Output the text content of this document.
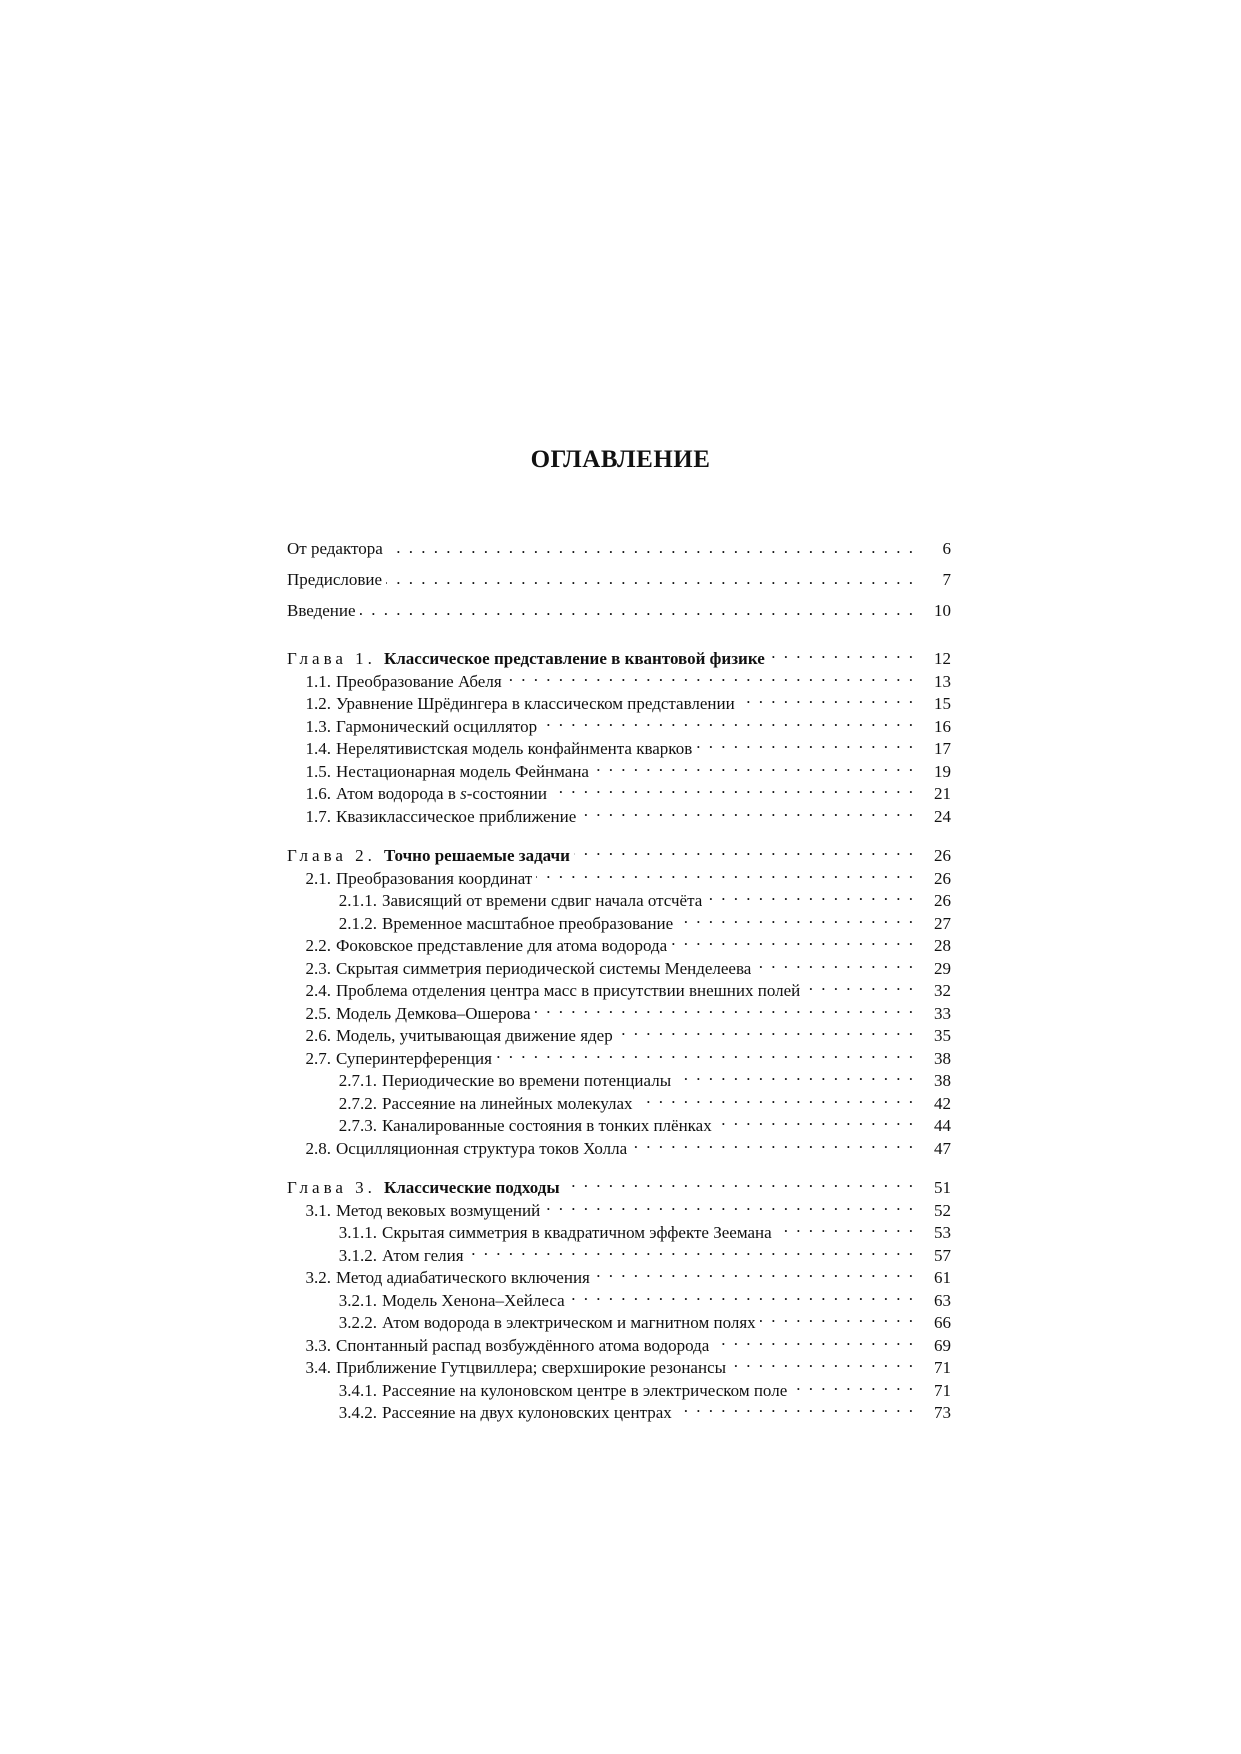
ОГЛАВЛЕНИЕ
От редактора . . .	6
Предисловие . . .	7
Введение . . .	10
Глава 1. Классическое представление в квантовой физике . . .	12
1.1. Преобразование Абеля . . .	13
1.2. Уравнение Шрёдингера в классическом представлении . . .	15
1.3. Гармонический осциллятор . . .	16
1.4. Нерелятивистская модель конфайнмента кварков . . .	17
1.5. Нестационарная модель Фейнмана . . .	19
1.6. Атом водорода в s-состоянии . . .	21
1.7. Квазиклассическое приближение . . .	24
Глава 2. Точно решаемые задачи . . .	26
2.1. Преобразования координат . . .	26
2.1.1. Зависящий от времени сдвиг начала отсчёта . . .	26
2.1.2. Временное масштабное преобразование . . .	27
2.2. Фоковское представление для атома водорода . . .	28
2.3. Скрытая симметрия периодической системы Менделеева . . .	29
2.4. Проблема отделения центра масс в присутствии внешних полей . . .	32
2.5. Модель Демкова–Ошерова . . .	33
2.6. Модель, учитывающая движение ядер . . .	35
2.7. Суперинтерференция . . .	38
2.7.1. Периодические во времени потенциалы . . .	38
2.7.2. Рассеяние на линейных молекулах . . .	42
2.7.3. Каналированные состояния в тонких плёнках . . .	44
2.8. Осцилляционная структура токов Холла . . .	47
Глава 3. Классические подходы . . .	51
3.1. Метод вековых возмущений . . .	52
3.1.1. Скрытая симметрия в квадратичном эффекте Зеемана . . .	53
3.1.2. Атом гелия . . .	57
3.2. Метод адиабатического включения . . .	61
3.2.1. Модель Хенона–Хейлеса . . .	63
3.2.2. Атом водорода в электрическом и магнитном полях . . .	66
3.3. Спонтанный распад возбуждённого атома водорода . . .	69
3.4. Приближение Гутцвиллера; сверхширокие резонансы . . .	71
3.4.1. Рассеяние на кулоновском центре в электрическом поле . . .	71
3.4.2. Рассеяние на двух кулоновских центрах . . .	73
